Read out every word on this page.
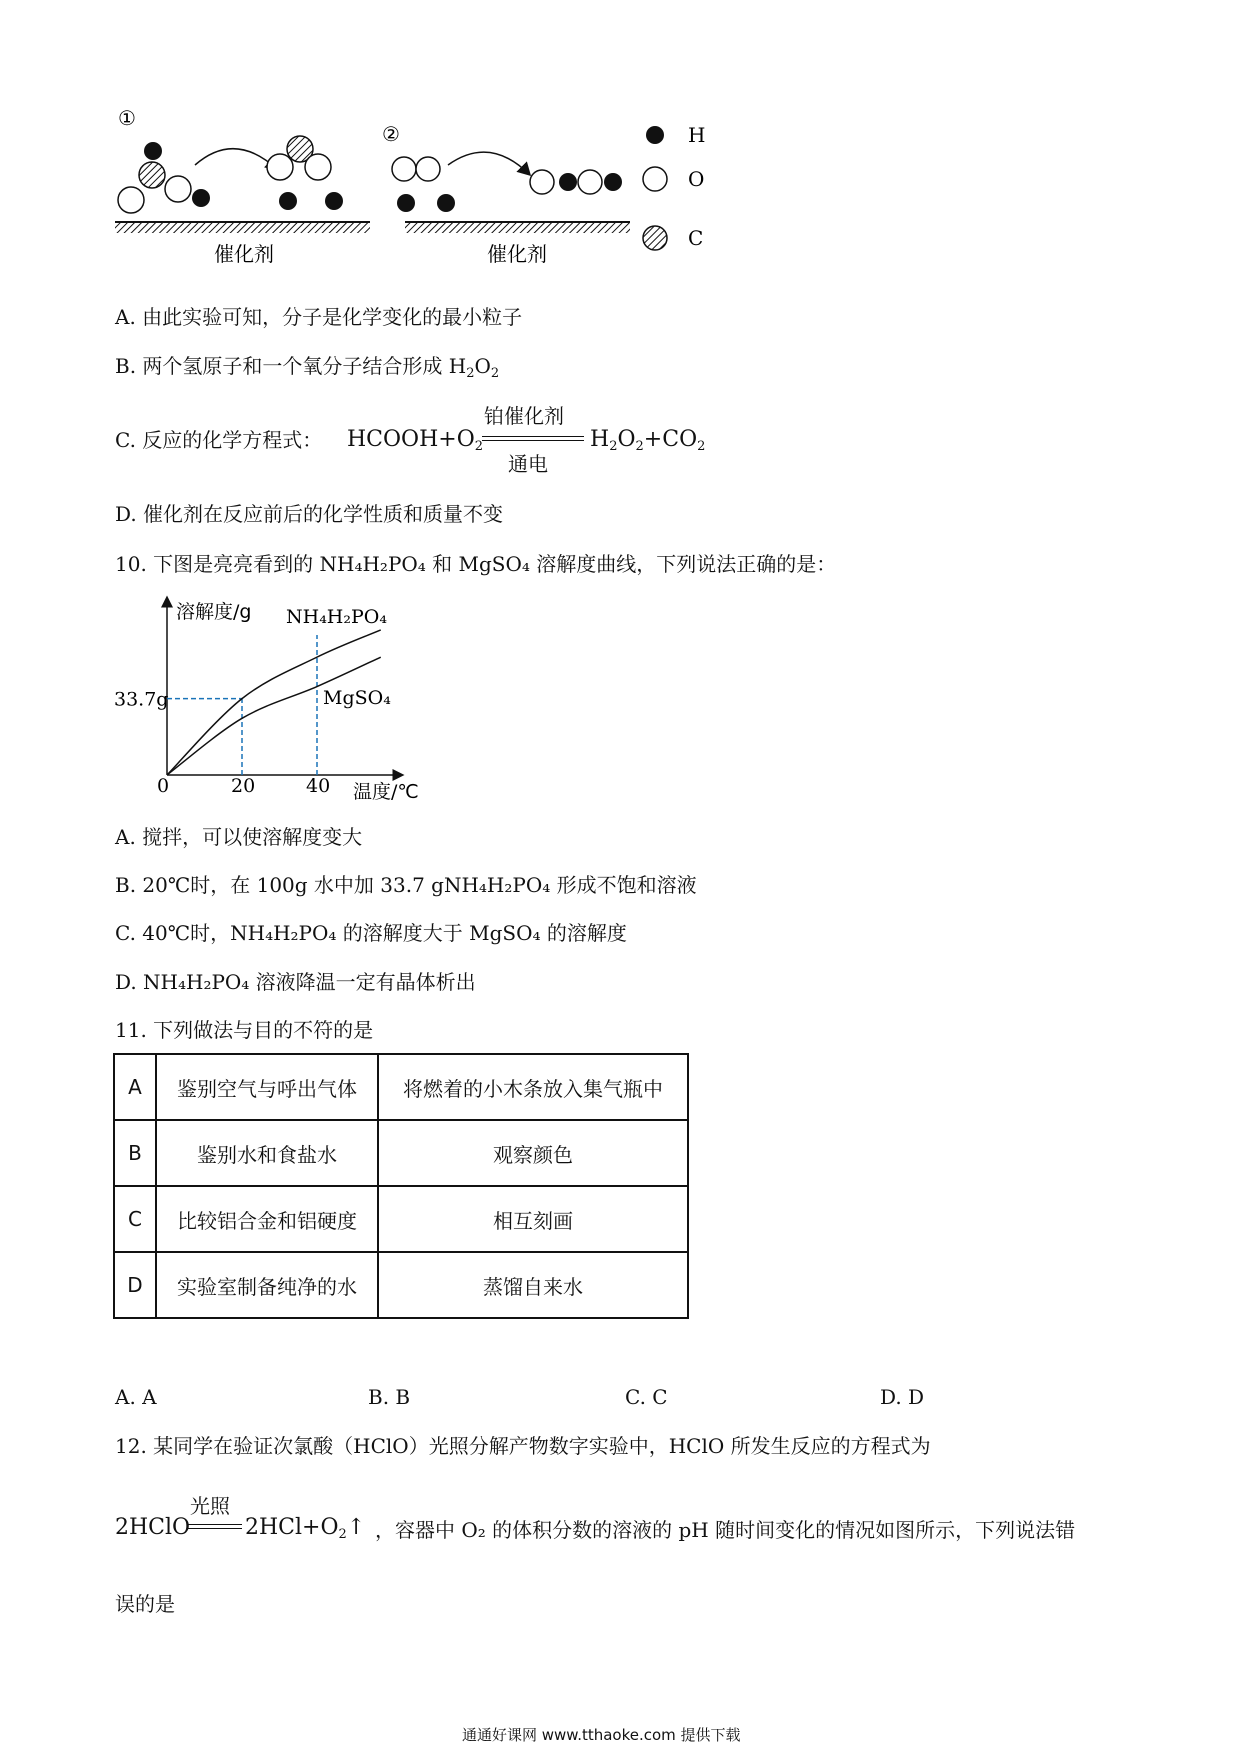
①
催化剂
②
催化剂
H
O
C
A. 由此实验可知，分子是化学变化的最小粒子
B. 两个氢原子和一个氧分子结合形成 $H_2O_2$
C. 反应的化学方程式： $HCOOH+O_2$
铂催化剂
通电
$H_2O_2+CO_2$
D. 催化剂在反应前后的化学性质和质量不变
10. 下图是亮亮看到的 NH₄H₂PO₄ 和 MgSO₄ 溶解度曲线，下列说法正确的是：
20	40
33.7g
溶解度/g
温度/℃
0
NH₄H₂PO₄
MgSO₄
A. 搅拌，可以使溶解度变大
B. 20℃时，在 100g 水中加 33.7 gNH₄H₂PO₄ 形成不饱和溶液
C. 40℃时，NH₄H₂PO₄ 的溶解度大于 MgSO₄ 的溶解度
D. NH₄H₂PO₄ 溶液降温一定有晶体析出
11. 下列做法与目的不符的是
A	鉴别空气与呼出气体	将燃着的小木条放入集气瓶中
B	鉴别水和食盐水	观察颜色
C	比较铝合金和铝硬度	相互刻画
D	实验室制备纯净的水	蒸馏自来水
A. A	B. B	C. C	D. D
12. 某同学在验证次氯酸（HClO）光照分解产物数字实验中，HClO 所发生反应的方程式为
2HClO
光照
$2HCl+O_2↑$ ，容器中 O₂ 的体积分数的溶液的 pH 随时间变化的情况如图所示，下列说法错
误的是
通通好课网 www.tthaoke.com 提供下载
